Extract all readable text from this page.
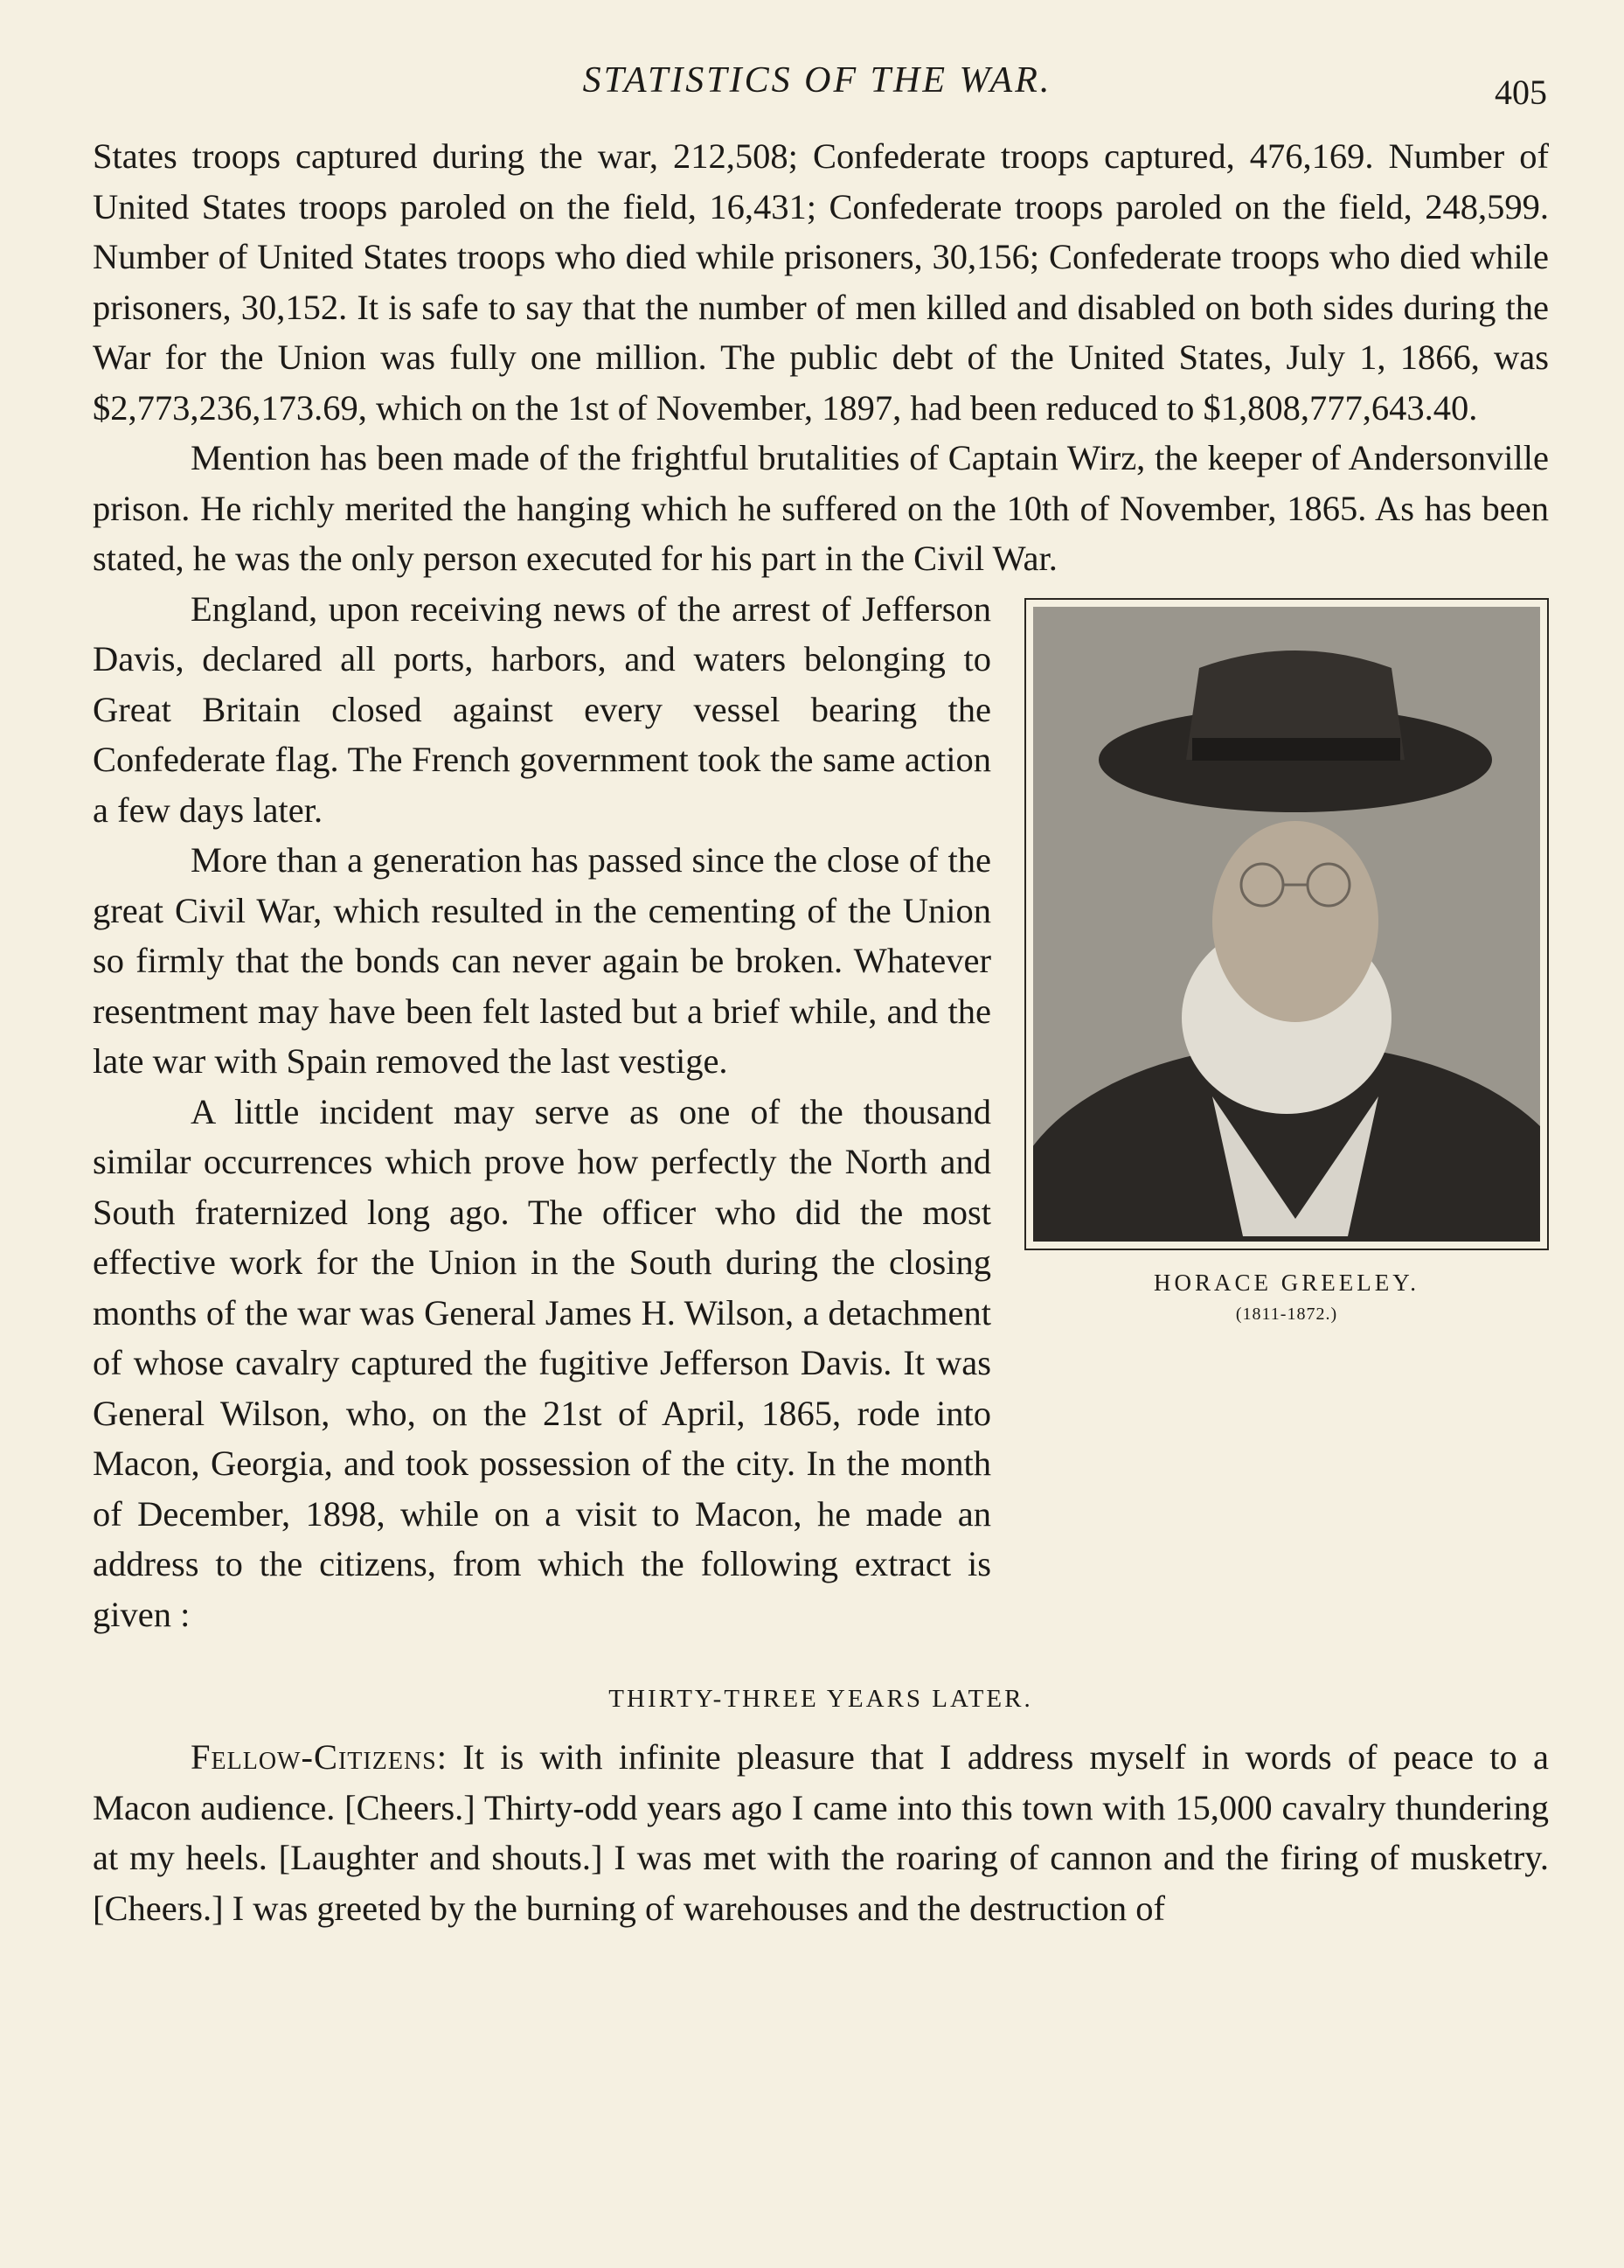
STATISTICS OF THE WAR.	405

States troops captured during the war, 212,508; Confederate troops captured, 476,169. Number of United States troops paroled on the field, 16,431; Confederate troops paroled on the field, 248,599. Number of United States troops who died while prisoners, 30,156; Confederate troops who died while prisoners, 30,152. It is safe to say that the number of men killed and disabled on both sides during the War for the Union was fully one million. The public debt of the United States, July 1, 1866, was $2,773,236,173.69, which on the 1st of November, 1897, had been reduced to $1,808,777,643.40.

Mention has been made of the frightful brutalities of Captain Wirz, the keeper of Andersonville prison. He richly merited the hanging which he suffered on the 10th of November, 1865. As has been stated, he was the only person executed for his part in the Civil War.

HORACE GREELEY.
(1811-1872.)

England, upon receiving news of the arrest of Jefferson Davis, declared all ports, harbors, and waters belonging to Great Britain closed against every vessel bearing the Confederate flag. The French government took the same action a few days later.

More than a generation has passed since the close of the great Civil War, which resulted in the cementing of the Union so firmly that the bonds can never again be broken. Whatever resentment may have been felt lasted but a brief while, and the late war with Spain removed the last vestige.

A little incident may serve as one of the thousand similar occurrences which prove how perfectly the North and South fraternized long ago. The officer who did the most effective work for the Union in the South during the closing months of the war was General James H. Wilson, a detachment of whose cavalry captured the fugitive Jefferson Davis. It was General Wilson, who, on the 21st of April, 1865, rode into Macon, Georgia, and took possession of the city. In the month of December, 1898, while on a visit to Macon, he made an address to the citizens, from which the following extract is given :

THIRTY-THREE YEARS LATER.

Fellow-Citizens: It is with infinite pleasure that I address myself in words of peace to a Macon audience. [Cheers.] Thirty-odd years ago I came into this town with 15,000 cavalry thundering at my heels. [Laughter and shouts.] I was met with the roaring of cannon and the firing of musketry. [Cheers.] I was greeted by the burning of warehouses and the destruction of
